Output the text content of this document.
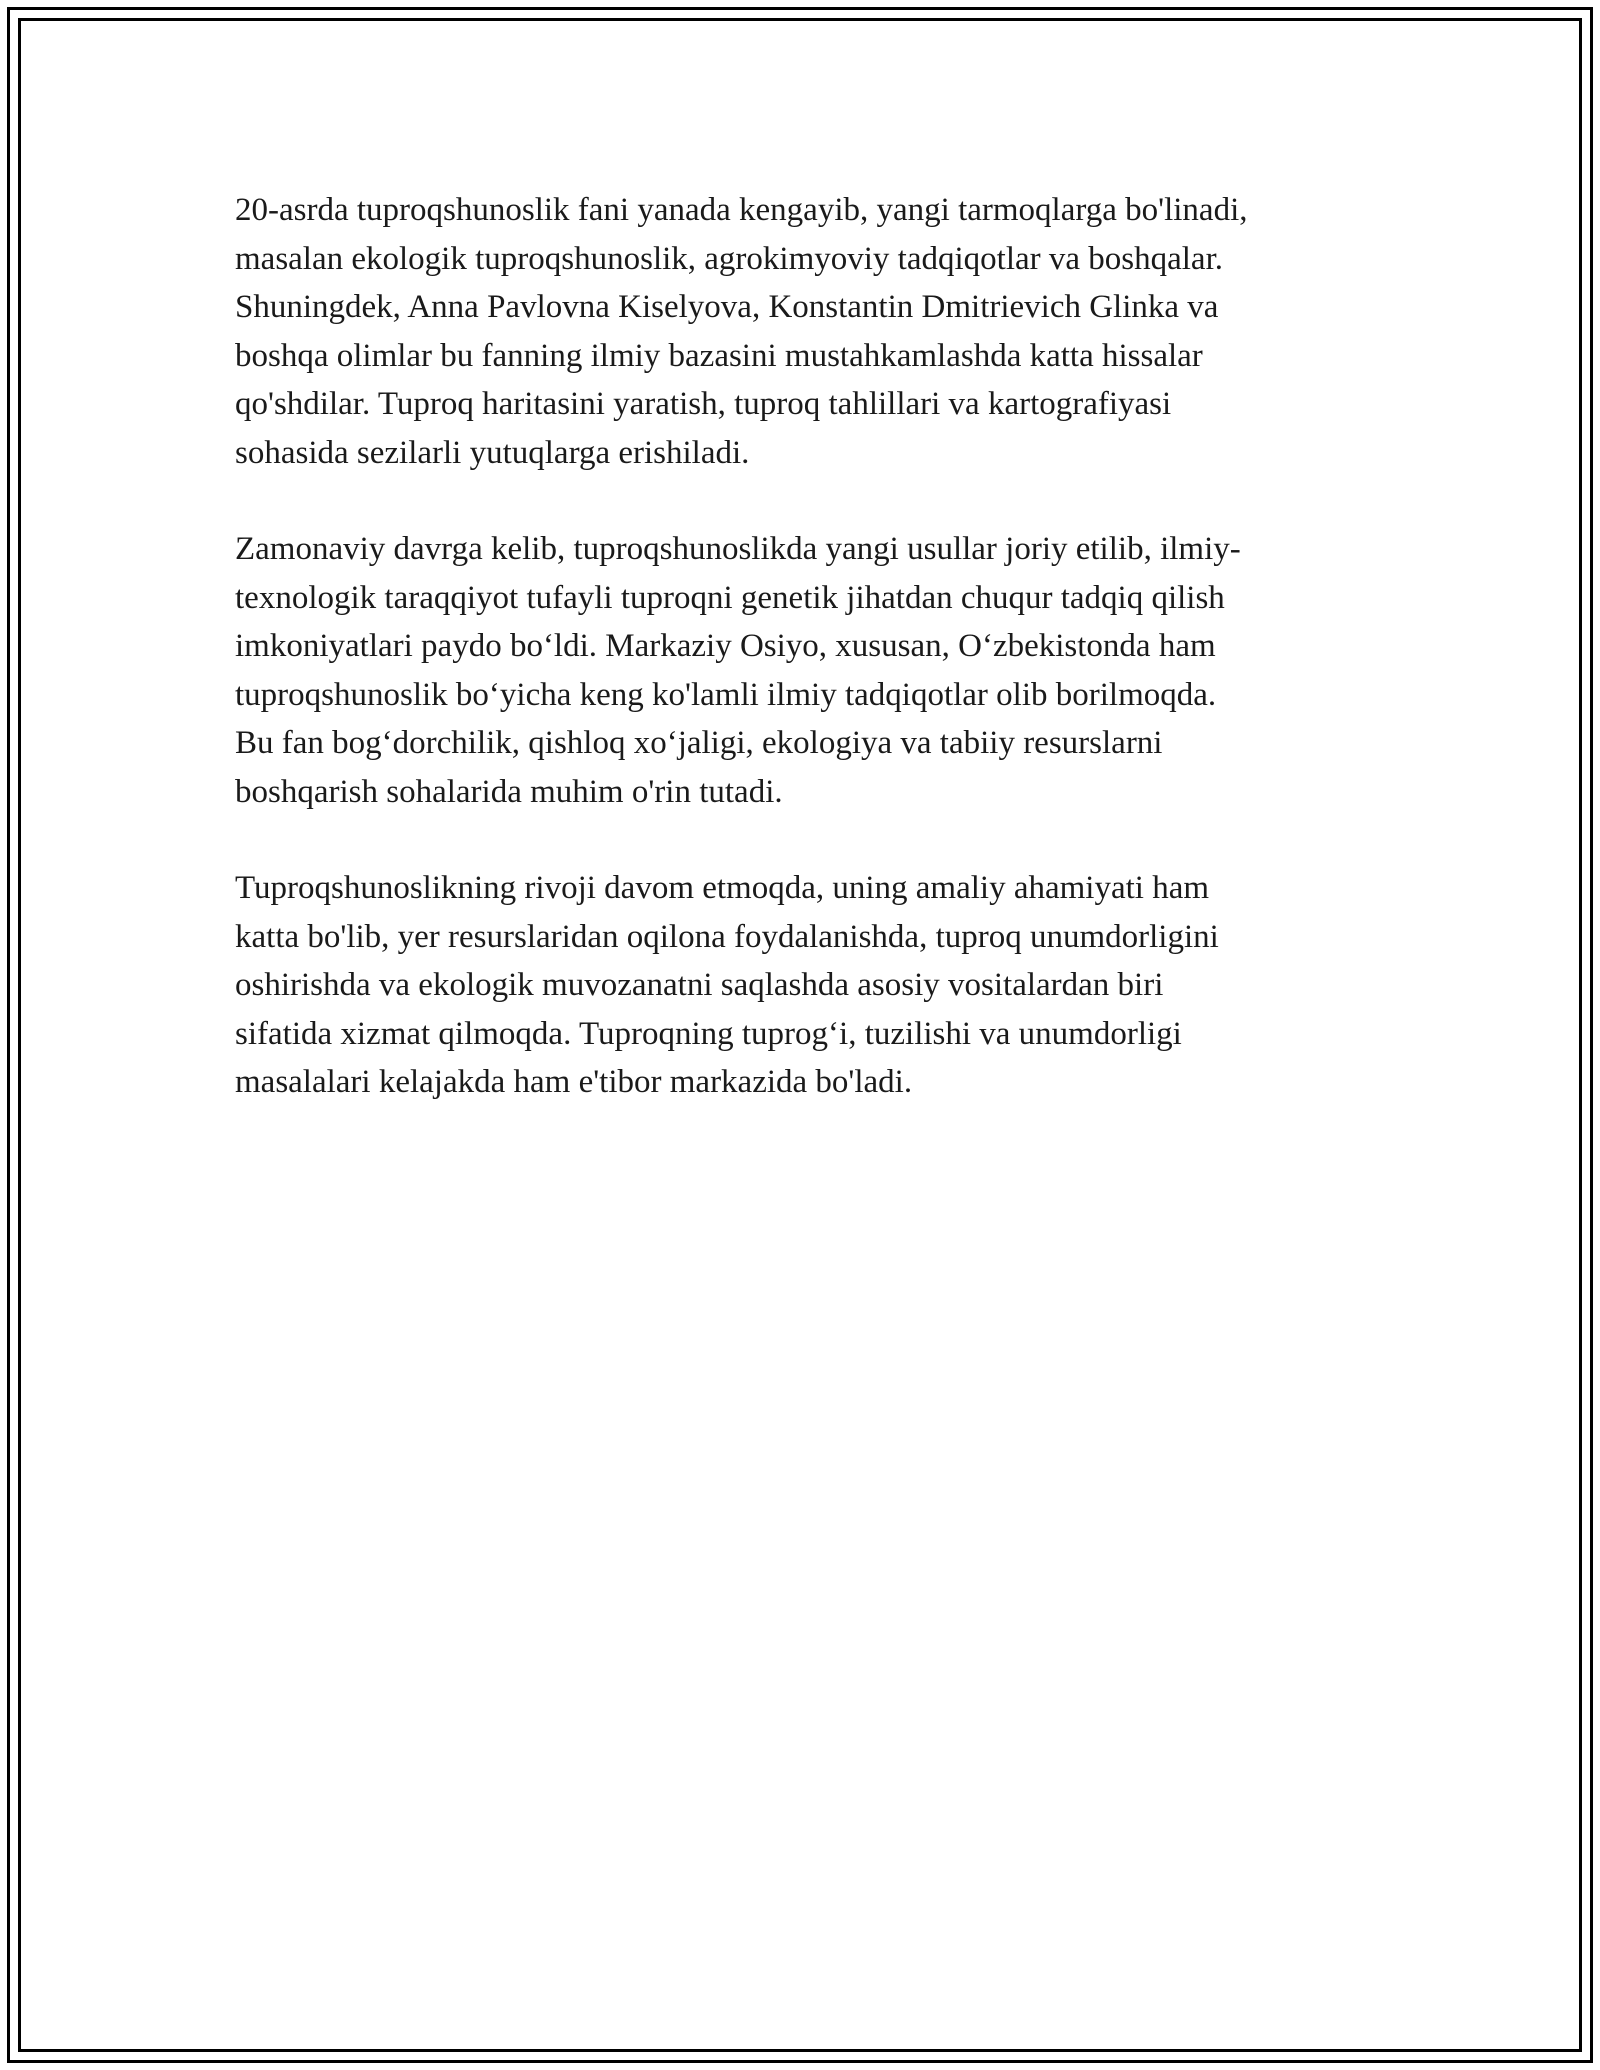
20-asrda tuproqshunoslik fani yanada kengayib, yangi tarmoqlarga bo'linadi,
masalan ekologik tuproqshunoslik, agrokimyoviy tadqiqotlar va boshqalar.
Shuningdek, Anna Pavlovna Kiselyova, Konstantin Dmitrievich Glinka va
boshqa olimlar bu fanning ilmiy bazasini mustahkamlashda katta hissalar
qo'shdilar. Tuproq haritasini yaratish, tuproq tahlillari va kartografiyasi
sohasida sezilarli yutuqlarga erishiladi.

Zamonaviy davrga kelib, tuproqshunoslikda yangi usullar joriy etilib, ilmiy-
texnologik taraqqiyot tufayli tuproqni genetik jihatdan chuqur tadqiq qilish
imkoniyatlari paydo bo‘ldi. Markaziy Osiyo, xususan, O‘zbekistonda ham
tuproqshunoslik bo‘yicha keng ko'lamli ilmiy tadqiqotlar olib borilmoqda.
Bu fan bog‘dorchilik, qishloq xo‘jaligi, ekologiya va tabiiy resurslarni
boshqarish sohalarida muhim o'rin tutadi.

Tuproqshunoslikning rivoji davom etmoqda, uning amaliy ahamiyati ham
katta bo'lib, yer resurslaridan oqilona foydalanishda, tuproq unumdorligini
oshirishda va ekologik muvozanatni saqlashda asosiy vositalardan biri
sifatida xizmat qilmoqda. Tuproqning tuprog‘i, tuzilishi va unumdorligi
masalalari kelajakda ham e'tibor markazida bo'ladi.
